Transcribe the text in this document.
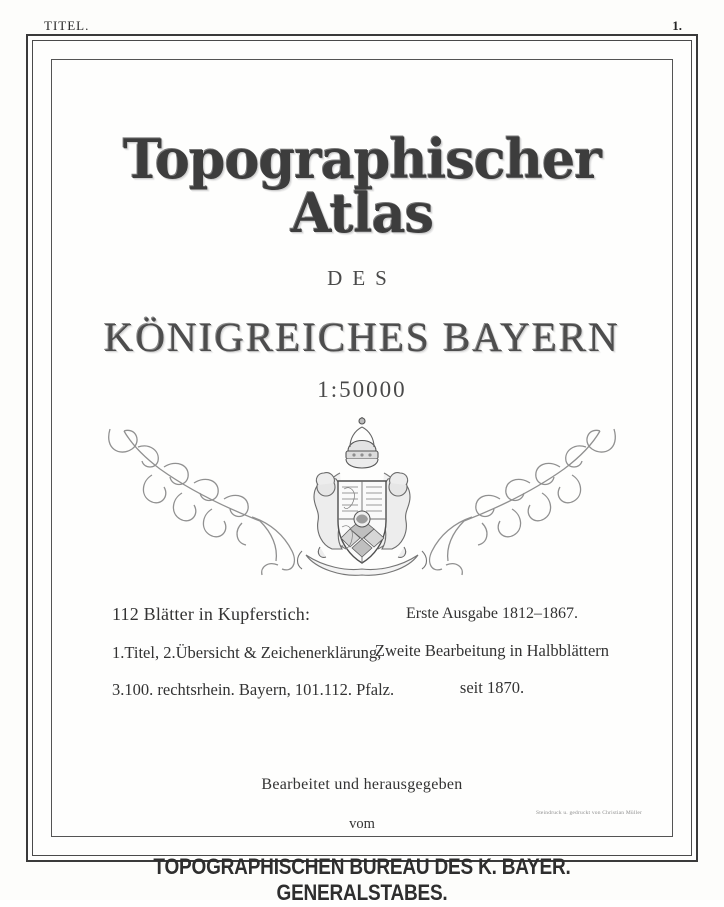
TITEL.	1.
Topographischer Atlas
DES
KÖNIGREICHES BAYERN
1:50000
112 Blätter in Kupferstich:
1.Titel, 2.Übersicht & Zeichenerklärung,
3.100. rechtsrhein. Bayern, 101.112. Pfalz.
Erste Ausgabe 1812–1867.
Zweite Bearbeitung in Halbblättern
seit 1870.
Bearbeitet und herausgegeben
vom
TOPOGRAPHISCHEN BUREAU DES K. BAYER. GENERALSTABES.
Steindruck u. gedruckt von Christian Müller
